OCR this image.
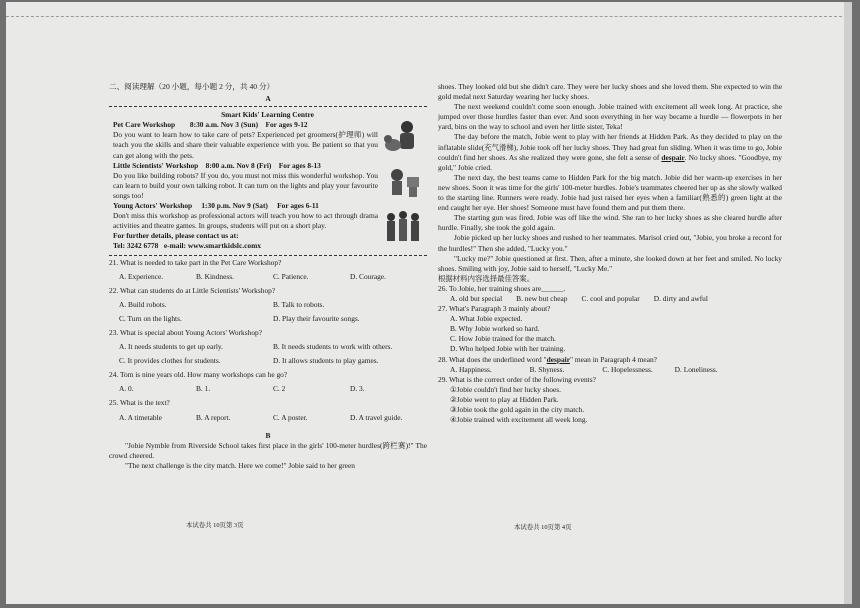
二、阅读理解（20 小题，每小题 2 分，共 40 分）
A
Smart Kids' Learning Centre
Pet Care Workshop        8:30 a.m. Nov 3 (Sun)    For ages 9-12

Do you want to learn how to take care of pets? Experienced pet groomers(护理师) will teach you the skills and share their valuable experience with you. Be patient so that you can get along with the pets.

Little Scientists' Workshop    8:00 a.m. Nov 8 (Fri)    For ages 8-13

Do you like building robots? If you do, you must not miss this wonderful workshop. You can learn to build your own talking robot. It can turn on the lights and play your favourite songs too!

Young Actors' Workshop     1:30 p.m. Nov 9 (Sat)     For ages 6-11

Don't miss this workshop as professional actors will teach you how to act through drama activities and theatre games. In groups, students will put on a short play.

For further details, please contact us at:
Tel: 3242 6778   e-mail: www.smartkidslc.comx
21. What is needed to take part in the Pet Care Workshop?
A. Experience.	B. Kindness.	C. Patience.	D. Courage.
22. What can students do at Little Scientists' Workshop?
A. Build robots.	B. Talk to robots.
C. Turn on the lights.	D. Play their favourite songs.
23. What is special about Young Actors' Workshop?
A. It needs students to get up early.	B. It needs students to work with others.
C. It provides clothes for students.	D. It allows students to play games.
24. Tom is nine years old. How many workshops can he go?
A. 0.	B. 1.	C. 2	D. 3.
25. What is the text?
A. A timetable	B. A report.	C. A poster.	D. A travel guide.
B

"Jobie Nymble from Riverside School takes first place in the girls' 100-meter hurdles(跨栏赛)!" The crowd cheered.

"The next challenge is the city match. Here we come!" Jobie said to her green

本试卷共 10页第 3页

shoes. They looked old but she didn't care. They were her lucky shoes and she loved them. She expected to win the gold medal next Saturday wearing her lucky shoes.

The next weekend couldn't come soon enough. Jobie trained with excitement all week long. At practice, she jumped over those hurdles faster than ever. And soon everything in her way became a hurdle — flowerpots in her yard, bins on the way to school and even her little sister, Teka!

The day before the match, Jobie went to play with her friends at Hidden Park. As they decided to play on the inflatable slide(充气滑梯), Jobie took off her lucky shoes. They had great fun sliding. When it was time to go, Jobie couldn't find her shoes. As she realized they were gone, she felt a sense of despair. No lucky shoes. "Goodbye, my gold," Jobie cried.

The next day, the best teams came to Hidden Park for the big match. Jobie did her warm-up exercises in her new shoes. Soon it was time for the girls' 100-meter hurdles. Jobie's teammates cheered her up as she slowly walked to the starting line. Runners were ready. Jobie had just raised her eyes when a familiar(熟悉的) green light at the end caught her eye. Her shoes! Someone must have found them and put them there.

The starting gun was fired. Jobie was off like the wind. She ran to her lucky shoes as she cleared hurdle after hurdle. Finally, she took the gold again.

Jobie picked up her lucky shoes and rushed to her teammates. Marisol cried out, "Jobie, you broke a record for the hurdles!" Then she added, "Lucky you."

"Lucky me?" Jobie questioned at first. Then, after a minute, she looked down at her feet and smiled. No lucky shoes. Smiling with joy, Jobie said to herself, "Lucky Me."

根据材料内容选择最佳答案。
26. To Jobie, her training shoes are______.
A. old but special B. new but cheap C. cool and popular D. dirty and awful
27. What's Paragraph 3 mainly about?
A. What Jobie expected.
B. Why Jobie worked so hard.
C. How Jobie trained for the match.
D. Who helped Jobie with her training.
28. What does the underlined word "despair" mean in Paragraph 4 mean?
A. Happiness.	B. Shyness.	C. Hopelessness.	D. Loneliness.
29. What is the correct order of the following events?
①Jobie couldn't find her lucky shoes.
②Jobie went to play at Hidden Park.
③Jobie took the gold again in the city match.
④Jobie trained with excitement all week long.
本试卷共 10页第 4页
